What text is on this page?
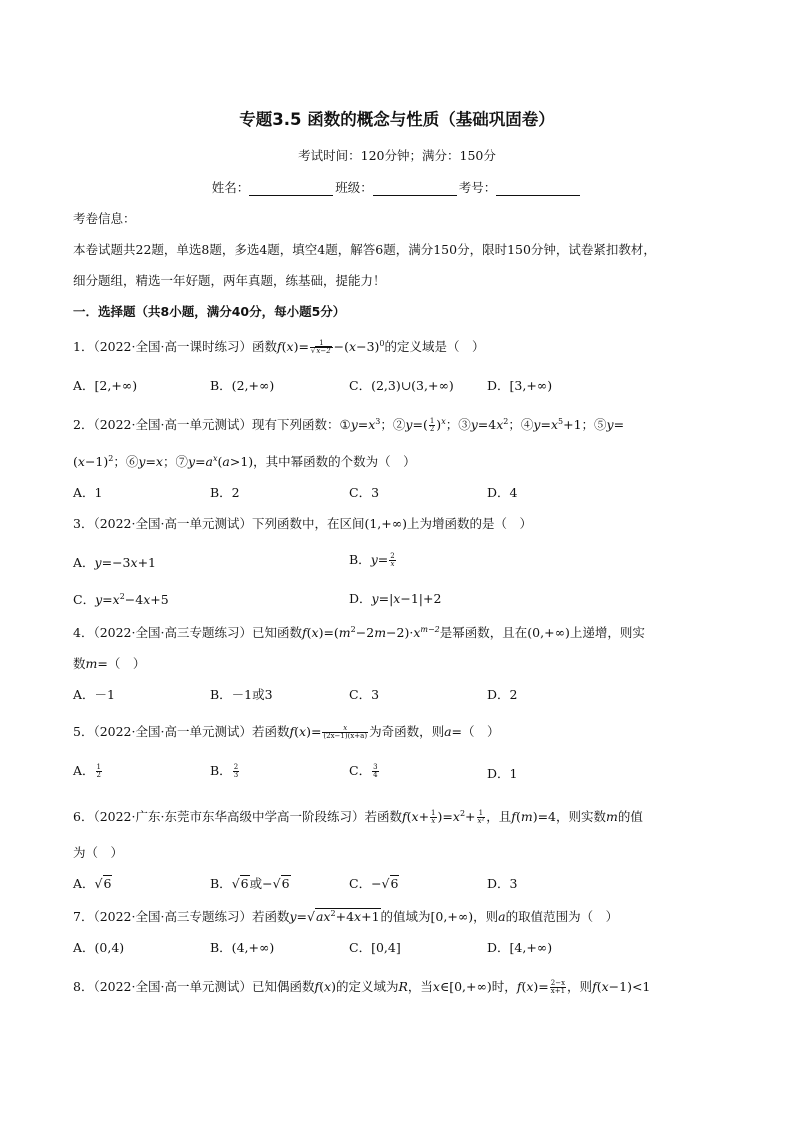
专题3.5 函数的概念与性质（基础巩固卷）
考试时间：120分钟；满分：150分
姓名：	班级：	考号：
考卷信息：
本卷试题共22题，单选8题，多选4题，填空4题，解答6题，满分150分，限时150分钟，试卷紧扣教材，
细分题组，精选一年好题，两年真题，练基础，提能力！
一．选择题（共8小题，满分40分，每小题5分）
1．（2022·全国·高一课时练习）函数$f(x)= \frac{1}{√x-2} -(x-3)^0$的定义域是（　）
A．[2,+∞)	B．(2,+∞)	C．(2,3)∪(3,+∞)	D．[3,+∞)
2．（2022·全国·高一单元测试）现有下列函数：$①y=x^3$；②y=( $\frac{1}{2} )^x$；$③y=4x^2$；$④y=x^5+1$；⑤y=
$(x-1)^2$；⑥y=x；$⑦y=a^x(a>1)$，其中幂函数的个数为（　）
A．1	B．2	C．3	D．4
3．（2022·全国·高一单元测试）下列函数中，在区间(1,+∞)上为增函数的是（　）
A．y=−3x+1	B．$y= \frac{2}{x}$
C．$y=x^2-4x+5$	D．y=|x−1|+2
4．（2022·全国·高三专题练习）已知函数$f(x)=(m^2-2m-2)\cdot x^{m-2}$是幂函数，且在(0,+∞)上递增，则实
数m=（　）
A．－1	B．－1或3	C．3	D．2
5．（2022·全国·高一单元测试）若函数$f(x)= \frac{x}{(2x-1)(x+a)}$ 为奇函数，则a=（　）
A． $\frac{1}{2}$	B． $\frac{2}{3}$	C． $\frac{3}{4}$	D．1
6．（2022·广东·东莞市东华高级中学高一阶段练习）若函数$f(x+ \frac{1}{x} )=x^2+ \frac{1}{\text{x²}}$ ，且f(m)=4，则实数m的值
为（　）
A．√6	B．√6或−√6	C．−√6	D．3
7．（2022·全国·高三专题练习）若函数$y=√ax^2+4x+1$的值域为[0,+∞)，则a的取值范围为（　）
A．(0,4)	B．(4,+∞)	C．[0,4]	D．[4,+∞)
8．（2022·全国·高一单元测试）已知偶函数f(x)的定义域为R，当x∈[0,+∞)时，$f(x)= \frac{2-x}{x+1}$ ，则f(x−1)<1
